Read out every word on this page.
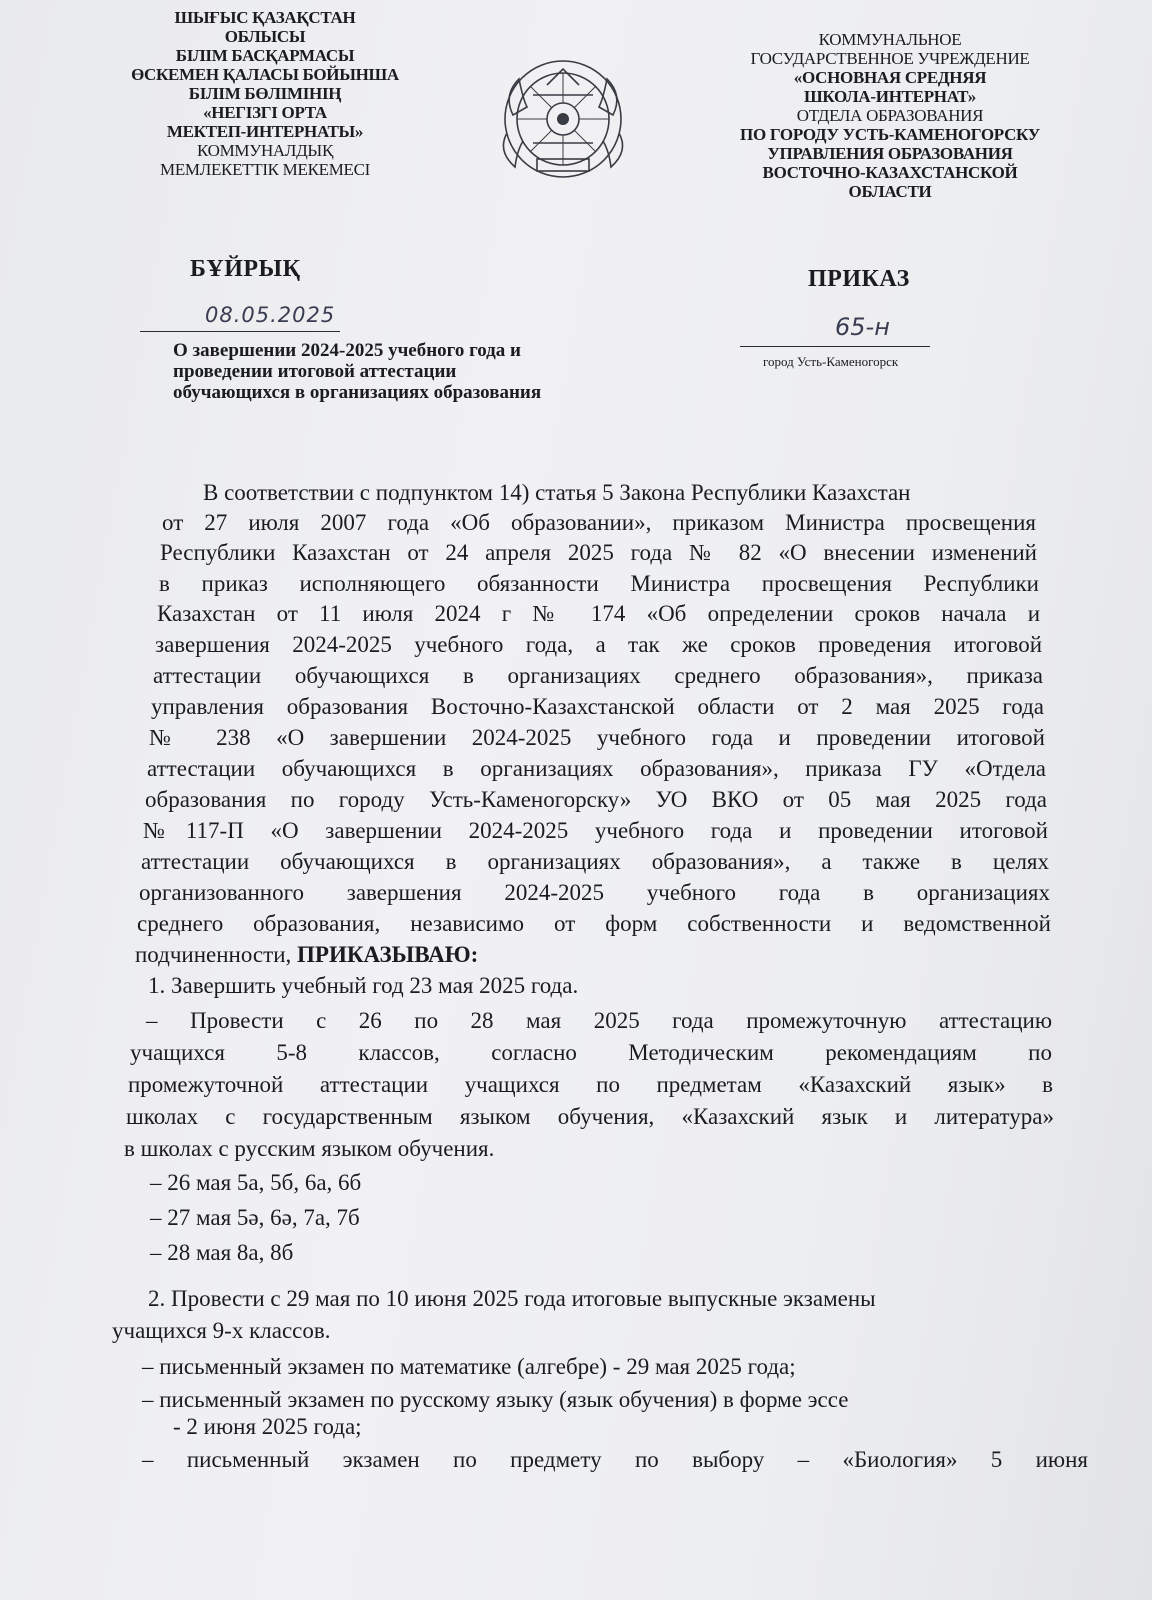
ШЫҒЫС ҚАЗАҚСТАН
ОБЛЫСЫ
БІЛІМ БАСҚАРМАСЫ
ӨСКЕМЕН ҚАЛАСЫ БОЙЫНША
БІЛІМ БӨЛІМІНІҢ
«НЕГІЗГІ ОРТА
МЕКТЕП-ИНТЕРНАТЫ»
КОММУНАЛДЫҚ
МЕМЛЕКЕТТІК МЕКЕМЕСІ
КОММУНАЛЬНОЕ
ГОСУДАРСТВЕННОЕ УЧРЕЖДЕНИЕ
«ОСНОВНАЯ СРЕДНЯЯ
ШКОЛА-ИНТЕРНАТ»
ОТДЕЛА ОБРАЗОВАНИЯ
ПО ГОРОДУ УСТЬ-КАМЕНОГОРСКУ
УПРАВЛЕНИЯ ОБРАЗОВАНИЯ
ВОСТОЧНО-КАЗАХСТАНСКОЙ
ОБЛАСТИ
БҰЙРЫҚ	ПРИКАЗ
08.05.2025	65-н
город Усть-Каменогорск
О завершении 2024-2025 учебного года и
проведении итоговой аттестации
обучающихся в организациях образования
В соответствии с подпунктом 14) статья 5 Закона Республики Казахстан
от 27 июля 2007 года «Об образовании», приказом Министра просвещения
Республики Казахстан от 24 апреля 2025 года № 82 «О внесении изменений
в приказ исполняющего обязанности Министра просвещения Республики
Казахстан от 11 июля 2024 г № 174 «Об определении сроков начала и
завершения 2024-2025 учебного года, а так же сроков проведения итоговой
аттестации обучающихся в организациях среднего образования», приказа
управления образования Восточно-Казахстанской области от 2 мая 2025 года
№ 238 «О завершении 2024-2025 учебного года и проведении итоговой
аттестации обучающихся в организациях образования», приказа ГУ «Отдела
образования по городу Усть-Каменогорску» УО ВКО от 05 мая 2025 года
№117-П «О завершении 2024-2025 учебного года и проведении итоговой
аттестации обучающихся в организациях образования», а также в целях
организованного завершения 2024-2025 учебного года в организациях
среднего образования, независимо от форм собственности и ведомственной
подчиненности, ПРИКАЗЫВАЮ:
1. Завершить учебный год 23 мая 2025 года.
– Провести с 26 по 28 мая 2025 года промежуточную аттестацию
учащихся 5-8 классов, согласно Методическим рекомендациям по
промежуточной аттестации учащихся по предметам «Казахский язык» в
школах с государственным языком обучения, «Казахский язык и литература»
в школах с русским языком обучения.
– 26 мая 5а, 5б, 6а, 6б
– 27 мая 5ә, 6ә, 7а, 7б
– 28 мая 8а, 8б
2. Провести с 29 мая по 10 июня 2025 года итоговые выпускные экзамены
учащихся 9-х классов.
– письменный экзамен по математике (алгебре) - 29 мая 2025 года;
– письменный экзамен по русскому языку (язык обучения) в форме эссе
- 2 июня 2025 года;
– письменный экзамен по предмету по выбору – «Биология» 5 июня
